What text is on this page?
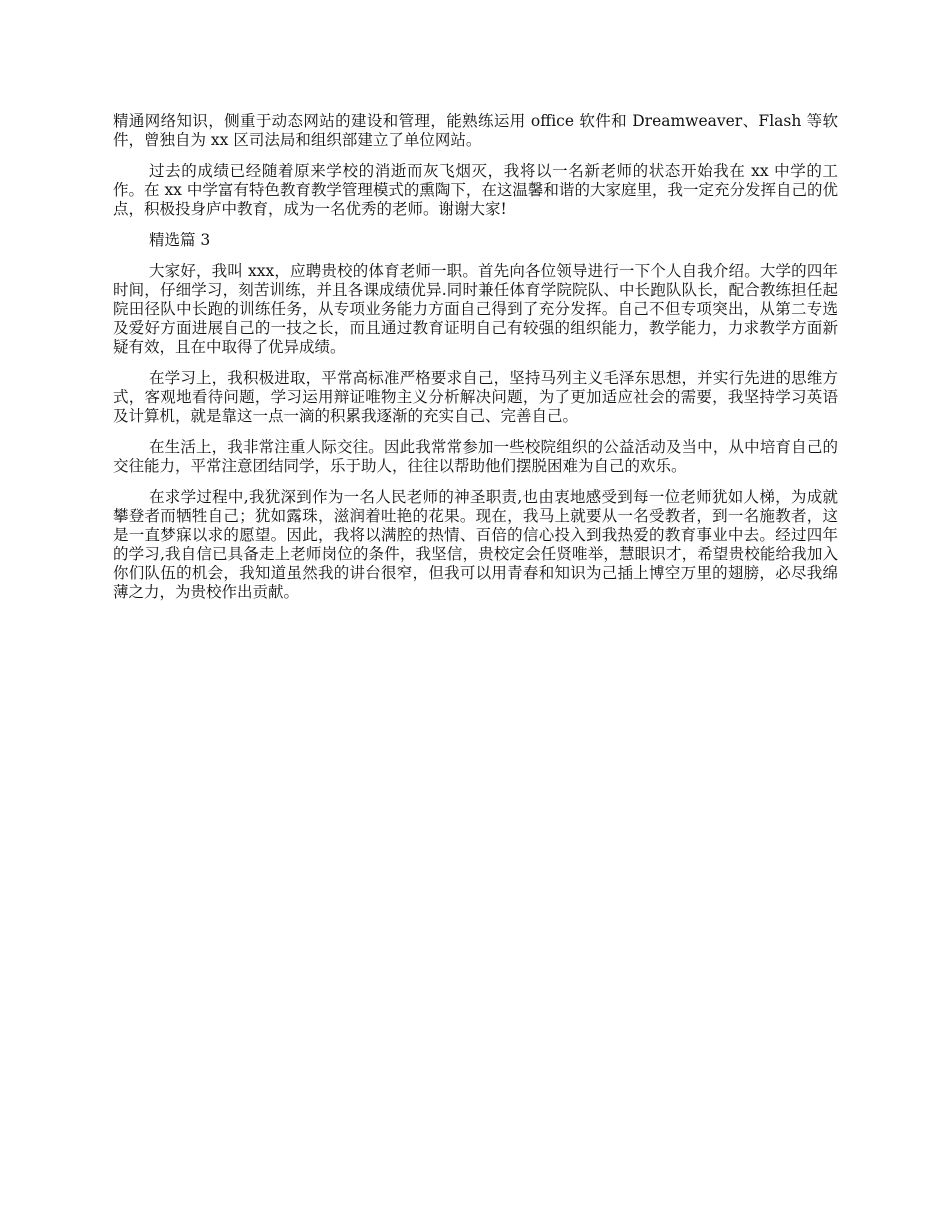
精通网络知识，侧重于动态网站的建设和管理，能熟练运用 office 软件和 Dreamweaver、Flash 等软件，曾独自为 xx 区司法局和组织部建立了单位网站。

过去的成绩已经随着原来学校的消逝而灰飞烟灭，我将以一名新老师的状态开始我在 xx 中学的工作。在 xx 中学富有特色教育教学管理模式的熏陶下，在这温馨和谐的大家庭里，我一定充分发挥自己的优点，积极投身庐中教育，成为一名优秀的老师。谢谢大家!

精选篇 3

大家好，我叫 xxx，应聘贵校的体育老师一职。首先向各位领导进行一下个人自我介绍。大学的四年时间，仔细学习，刻苦训练，并且各课成绩优异.同时兼任体育学院院队、中长跑队队长，配合教练担任起院田径队中长跑的训练任务，从专项业务能力方面自己得到了充分发挥。自己不但专项突出，从第二专选及爱好方面进展自己的一技之长，而且通过教育证明自己有较强的组织能力，教学能力，力求教学方面新疑有效，且在中取得了优异成绩。

在学习上，我积极进取，平常高标准严格要求自己，坚持马列主义毛泽东思想，并实行先进的思维方式，客观地看待问题，学习运用辩证唯物主义分析解决问题，为了更加适应社会的需要，我坚持学习英语及计算机，就是靠这一点一滴的积累我逐渐的充实自己、完善自己。

在生活上，我非常注重人际交往。因此我常常参加一些校院组织的公益活动及当中，从中培育自己的交往能力，平常注意团结同学，乐于助人，往往以帮助他们摆脱困难为自己的欢乐。

在求学过程中,我犹深到作为一名人民老师的神圣职责,也由衷地感受到每一位老师犹如人梯，为成就攀登者而牺牲自己；犹如露珠，滋润着吐艳的花果。现在，我马上就要从一名受教者，到一名施教者，这是一直梦寐以求的愿望。因此，我将以满腔的热情、百倍的信心投入到我热爱的教育事业中去。经过四年的学习,我自信已具备走上老师岗位的条件，我坚信，贵校定会任贤唯举，慧眼识才，希望贵校能给我加入你们队伍的机会，我知道虽然我的讲台很窄，但我可以用青春和知识为己插上博空万里的翅膀，必尽我绵薄之力，为贵校作出贡献。
